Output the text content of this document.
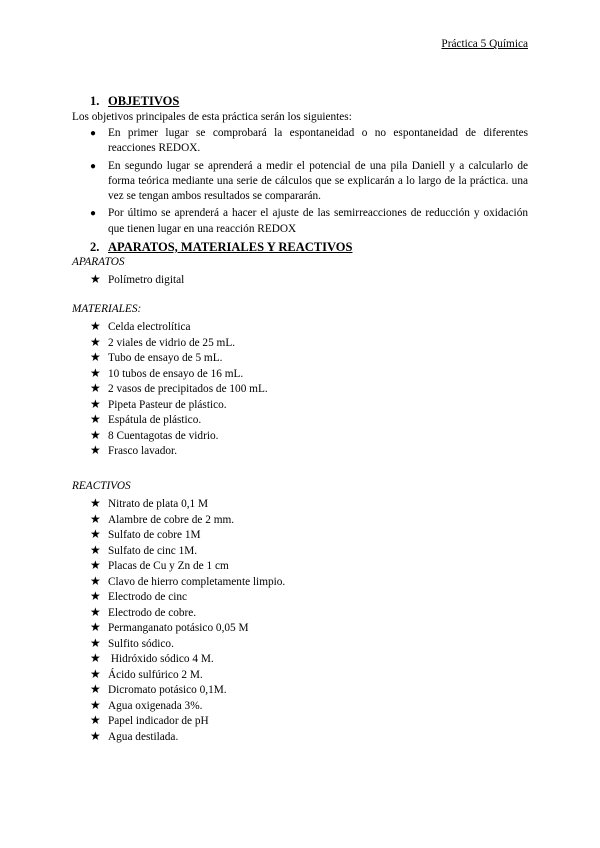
Práctica 5 Química
1. OBJETIVOS
Los objetivos principales de esta práctica serán los siguientes:
● En primer lugar se comprobará la espontaneidad o no espontaneidad de diferentes reacciones REDOX.
● En segundo lugar se aprenderá a medir el potencial de una pila Daniell y a calcularlo de forma teórica mediante una serie de cálculos que se explicarán a lo largo de la práctica. una vez se tengan ambos resultados se compararán.
● Por último se aprenderá a hacer el ajuste de las semirreacciones de reducción y oxidación que tienen lugar en una reacción REDOX
2. APARATOS, MATERIALES Y REACTIVOS
APARATOS
★ Polímetro digital
MATERIALES:
★ Celda electrolítica
★ 2 viales de vidrio de 25 mL.
★ Tubo de ensayo de 5 mL.
★ 10 tubos de ensayo de 16 mL.
★ 2 vasos de precipitados de 100 mL.
★ Pipeta Pasteur de plástico.
★ Espátula de plástico.
★ 8 Cuentagotas de vidrio.
★ Frasco lavador.
REACTIVOS
★ Nitrato de plata 0,1 M
★ Alambre de cobre de 2 mm.
★ Sulfato de cobre 1M
★ Sulfato de cinc 1M.
★ Placas de Cu y Zn de 1 cm
★ Clavo de hierro completamente limpio.
★ Electrodo de cinc
★ Electrodo de cobre.
★ Permanganato potásico 0,05 M
★ Sulfito sódico.
★ Hidróxido sódico 4 M.
★ Ácido sulfúrico 2 M.
★ Dicromato potásico 0,1M.
★ Agua oxigenada 3%.
★ Papel indicador de pH
★ Agua destilada.
